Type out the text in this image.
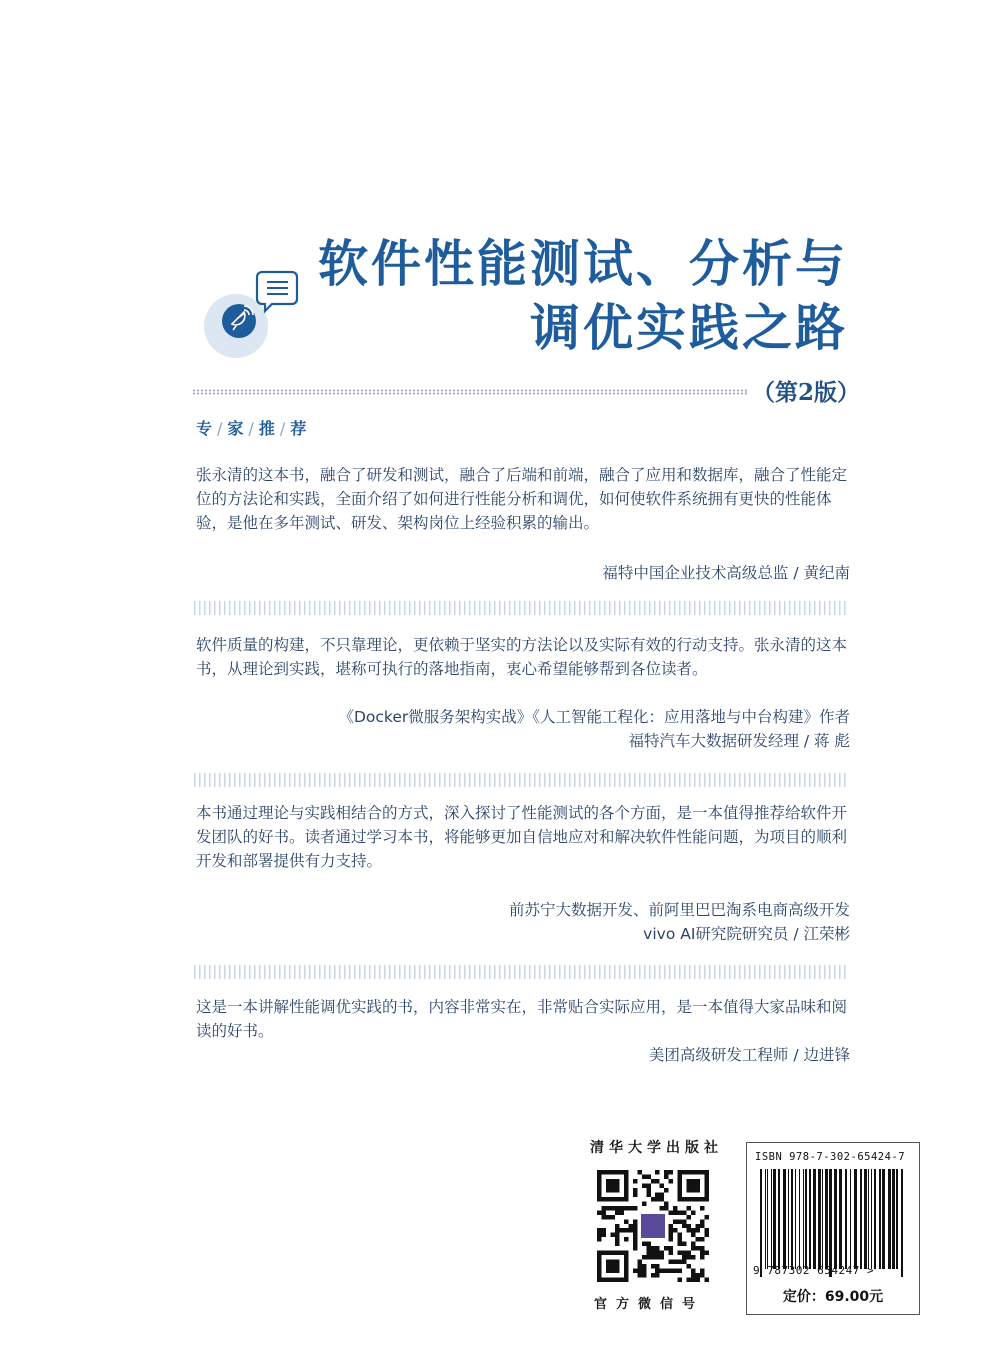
软件性能测试、分析与
调优实践之路
（第2版）
专 / 家 / 推 / 荐
张永清的这本书，融合了研发和测试，融合了后端和前端，融合了应用和数据库，融合了性能定位的方法论和实践，全面介绍了如何进行性能分析和调优，如何使软件系统拥有更快的性能体验，是他在多年测试、研发、架构岗位上经验积累的输出。
福特中国企业技术高级总监 / 黄纪南
软件质量的构建，不只靠理论，更依赖于坚实的方法论以及实际有效的行动支持。张永清的这本书，从理论到实践，堪称可执行的落地指南，衷心希望能够帮到各位读者。
《Docker微服务架构实战》《人工智能工程化：应用落地与中台构建》作者
福特汽车大数据研发经理 / 蒋 彪
本书通过理论与实践相结合的方式，深入探讨了性能测试的各个方面，是一本值得推荐给软件开发团队的好书。读者通过学习本书，将能够更加自信地应对和解决软件性能问题，为项目的顺利开发和部署提供有力支持。
前苏宁大数据开发、前阿里巴巴淘系电商高级开发
vivo AI研究院研究员 / 江荣彬
这是一本讲解性能调优实践的书，内容非常实在，非常贴合实际应用，是一本值得大家品味和阅读的好书。
美团高级研发工程师 / 边进锋
清华大学出版社
官方微信号
ISBN 978-7-302-65424-7
9 787302 654247 >
定价：69.00元
